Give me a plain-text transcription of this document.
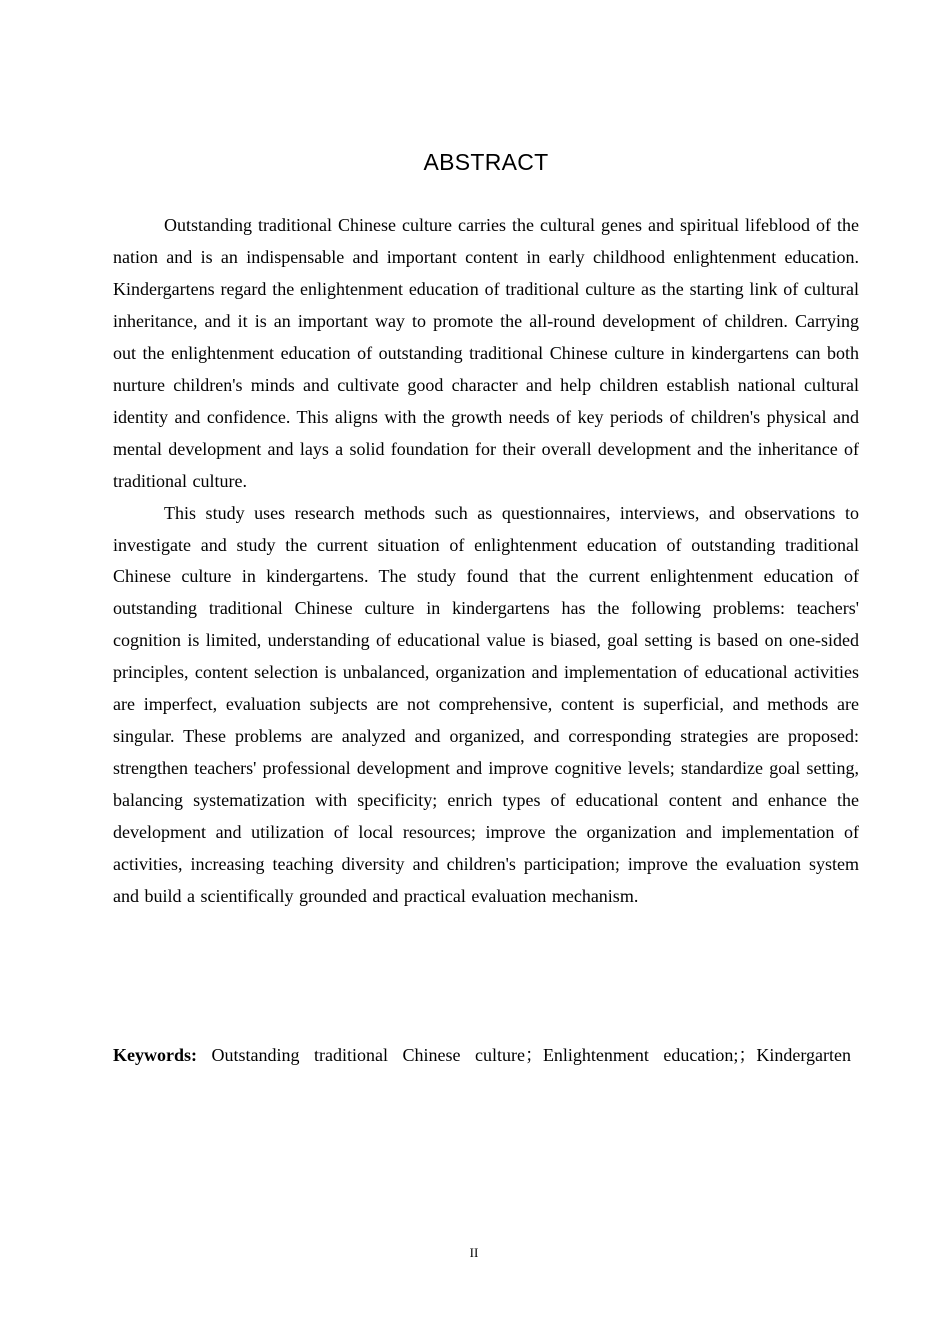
ABSTRACT

Outstanding traditional Chinese culture carries the cultural genes and spiritual lifeblood of the nation and is an indispensable and important content in early childhood enlightenment education. Kindergartens regard the enlightenment education of traditional culture as the starting link of cultural inheritance, and it is an important way to promote the all-round development of children. Carrying out the enlightenment education of outstanding traditional Chinese culture in kindergartens can both nurture children's minds and cultivate good character and help children establish national cultural identity and confidence. This aligns with the growth needs of key periods of children's physical and mental development and lays a solid foundation for their overall development and the inheritance of traditional culture.

This study uses research methods such as questionnaires, interviews, and observations to investigate and study the current situation of enlightenment education of outstanding traditional Chinese culture in kindergartens. The study found that the current enlightenment education of outstanding traditional Chinese culture in kindergartens has the following problems: teachers' cognition is limited, understanding of educational value is biased, goal setting is based on one-sided principles, content selection is unbalanced, organization and implementation of educational activities are imperfect, evaluation subjects are not comprehensive, content is superficial, and methods are singular. These problems are analyzed and organized, and corresponding strategies are proposed: strengthen teachers' professional development and improve cognitive levels; standardize goal setting, balancing systematization with specificity; enrich types of educational content and enhance the development and utilization of local resources; improve the organization and implementation of activities, increasing teaching diversity and children's participation; improve the evaluation system and build a scientifically grounded and practical evaluation mechanism.

Keywords: Outstanding traditional Chinese culture；Enlightenment education;；Kindergarten
II
